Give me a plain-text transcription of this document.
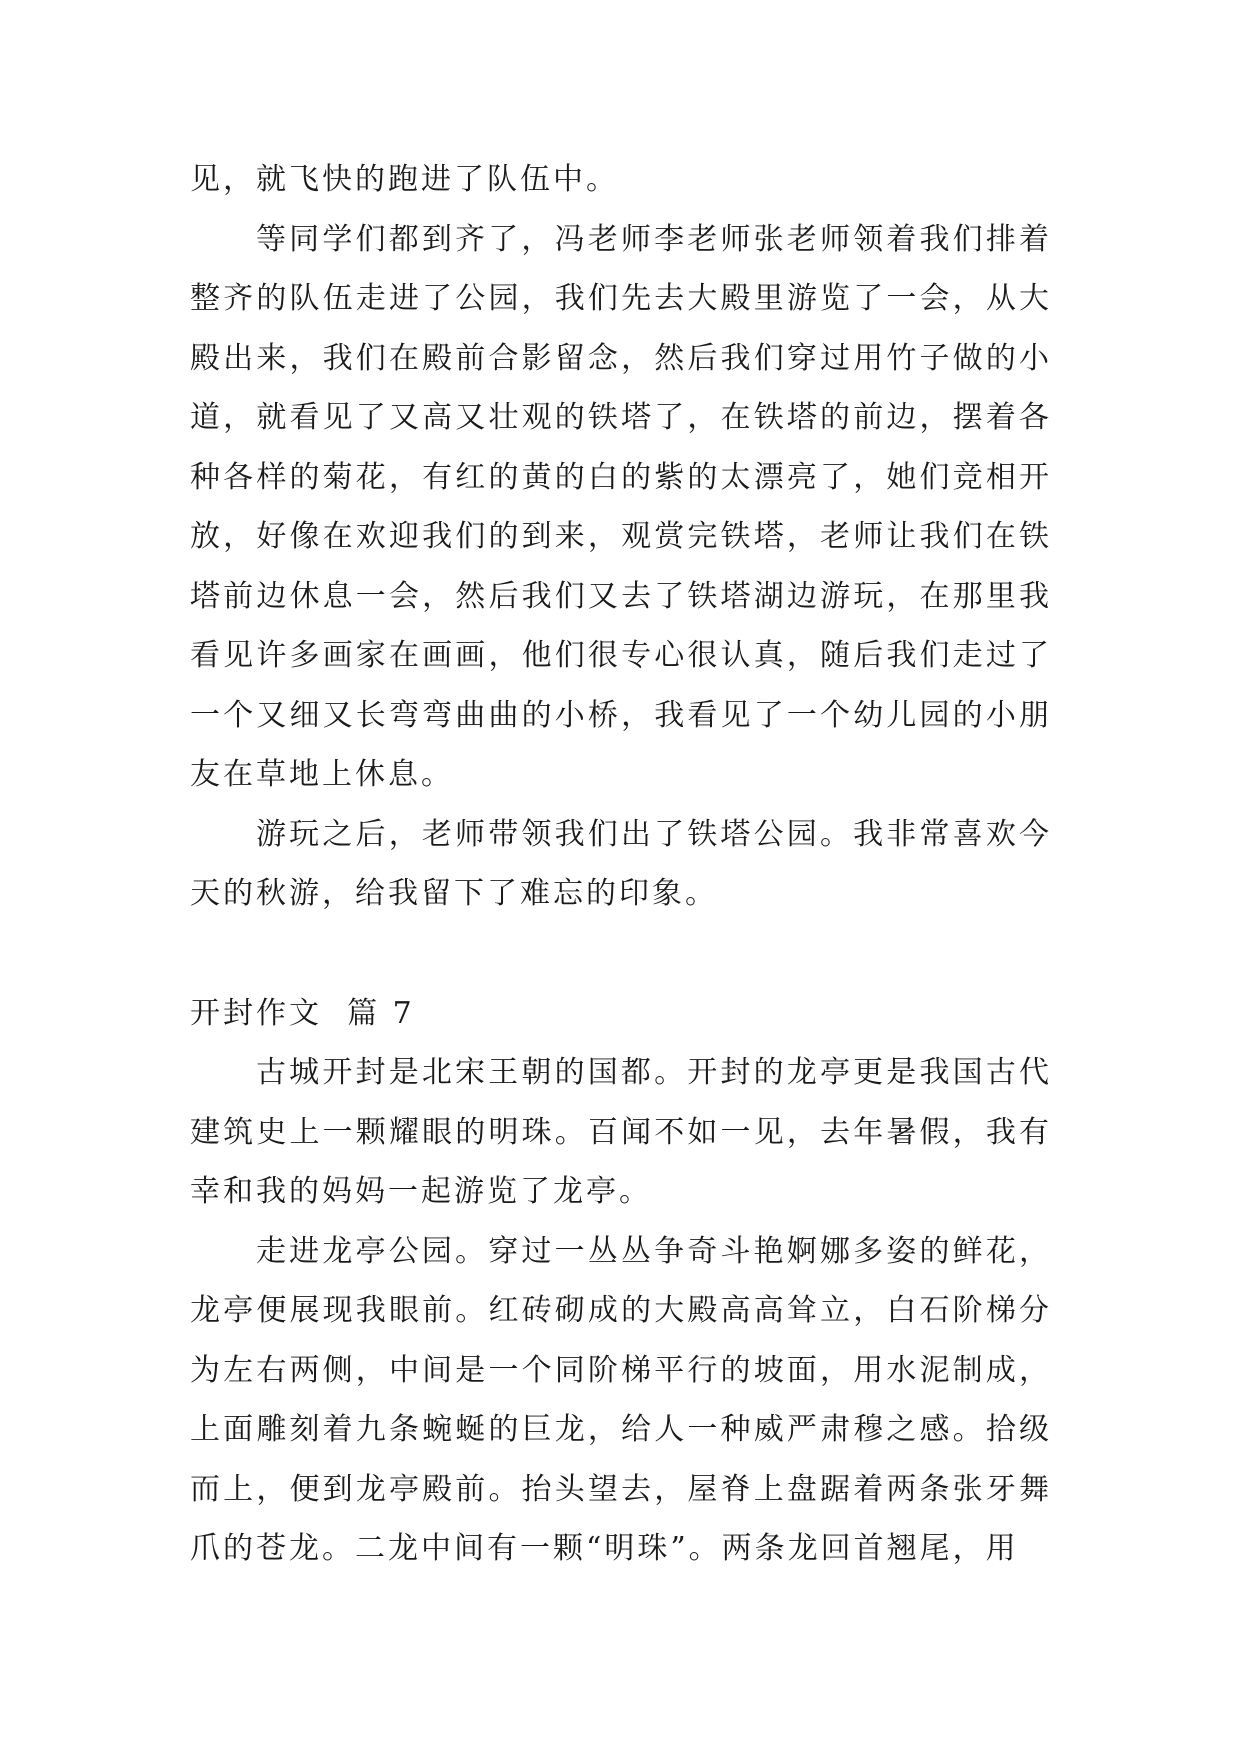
见，就飞快的跑进了队伍中。

等同学们都到齐了，冯老师李老师张老师领着我们排着整齐的队伍走进了公园，我们先去大殿里游览了一会，从大殿出来，我们在殿前合影留念，然后我们穿过用竹子做的小道，就看见了又高又壮观的铁塔了，在铁塔的前边，摆着各种各样的菊花，有红的黄的白的紫的太漂亮了，她们竞相开放，好像在欢迎我们的到来，观赏完铁塔，老师让我们在铁塔前边休息一会，然后我们又去了铁塔湖边游玩，在那里我看见许多画家在画画，他们很专心很认真，随后我们走过了一个又细又长弯弯曲曲的小桥，我看见了一个幼儿园的小朋友在草地上休息。

游玩之后，老师带领我们出了铁塔公园。我非常喜欢今天的秋游，给我留下了难忘的印象。

开封作文  篇 7

古城开封是北宋王朝的国都。开封的龙亭更是我国古代建筑史上一颗耀眼的明珠。百闻不如一见，去年暑假，我有幸和我的妈妈一起游览了龙亭。

走进龙亭公园。穿过一丛丛争奇斗艳婀娜多姿的鲜花，龙亭便展现我眼前。红砖砌成的大殿高高耸立，白石阶梯分为左右两侧，中间是一个同阶梯平行的坡面，用水泥制成，上面雕刻着九条蜿蜒的巨龙，给人一种威严肃穆之感。拾级而上，便到龙亭殿前。抬头望去，屋脊上盘踞着两条张牙舞爪的苍龙。二龙中间有一颗“明珠”。两条龙回首翘尾，用
